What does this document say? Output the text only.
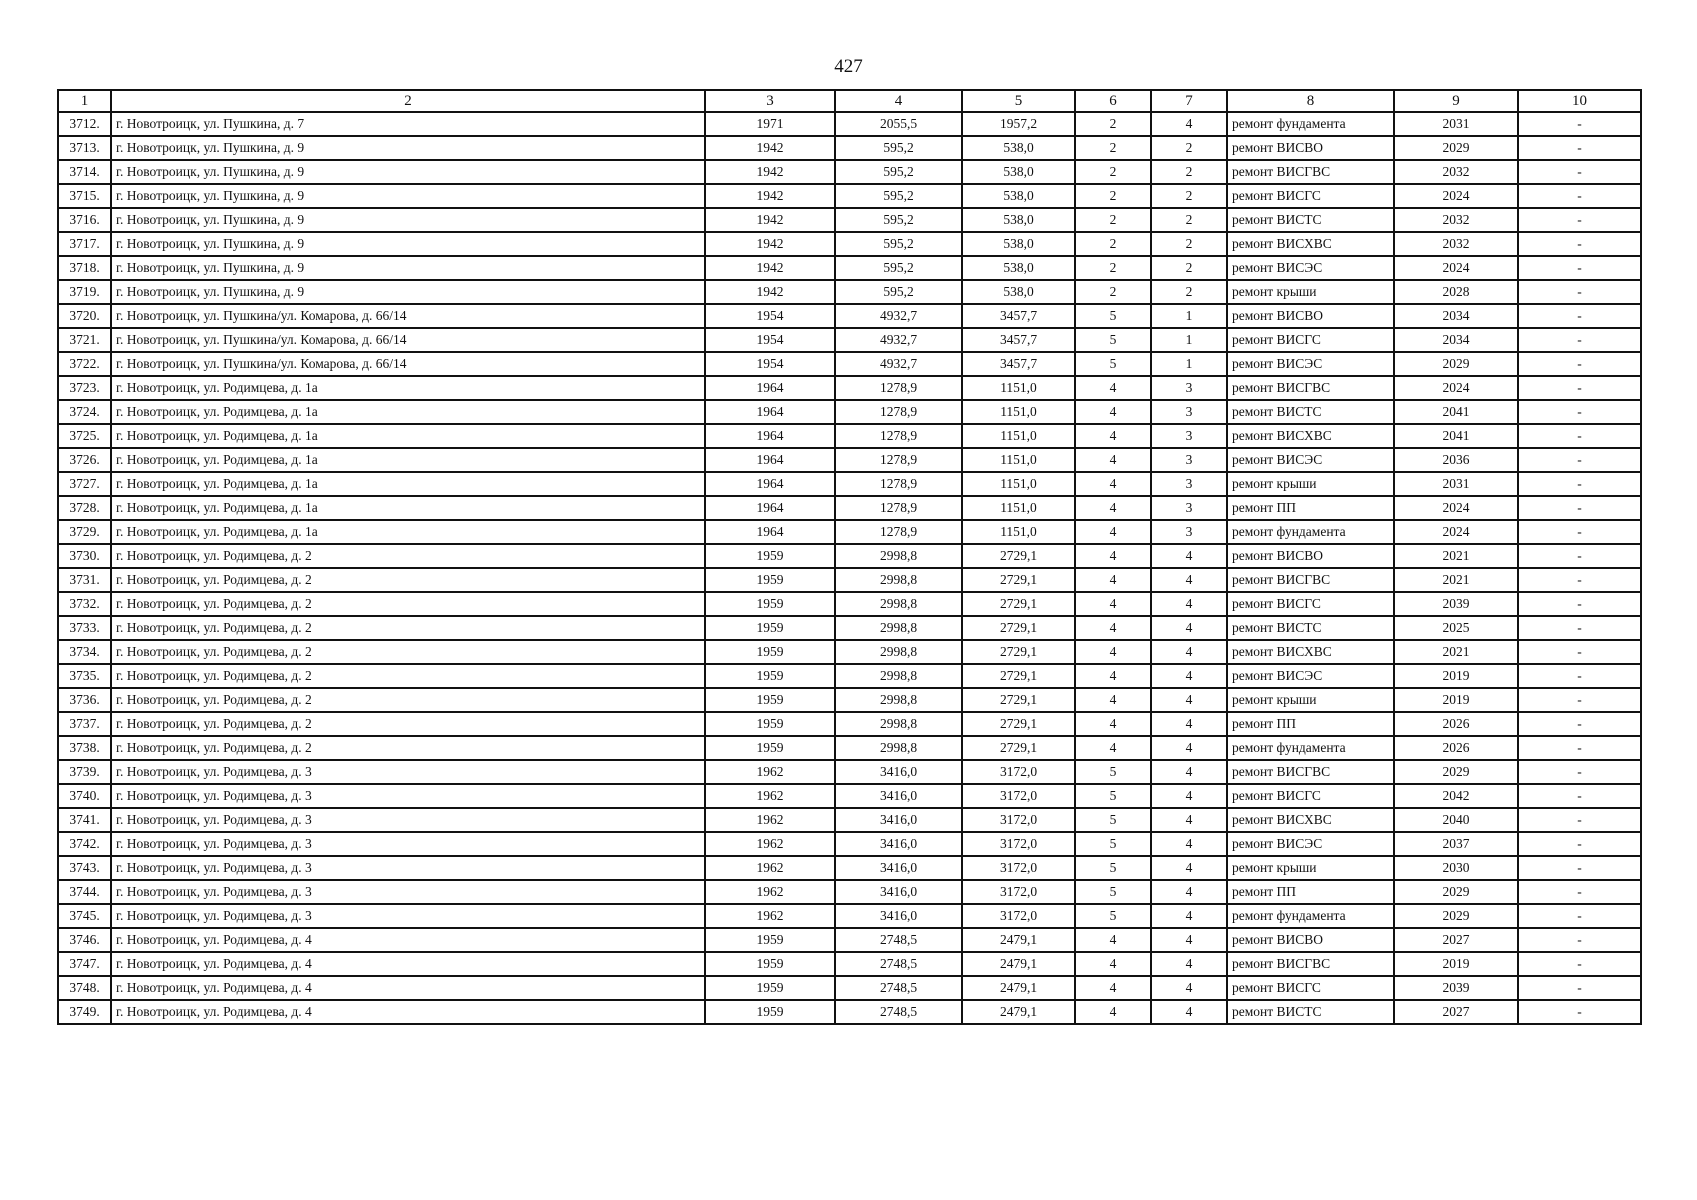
427
1	2	3	4	5	6	7	8	9	10
3712.	г. Новотроицк, ул. Пушкина, д. 7	1971	2055,5	1957,2	2	4	ремонт фундамента	2031	-
3713.	г. Новотроицк, ул. Пушкина, д. 9	1942	595,2	538,0	2	2	ремонт ВИСВО	2029	-
3714.	г. Новотроицк, ул. Пушкина, д. 9	1942	595,2	538,0	2	2	ремонт ВИСГВС	2032	-
3715.	г. Новотроицк, ул. Пушкина, д. 9	1942	595,2	538,0	2	2	ремонт ВИСГС	2024	-
3716.	г. Новотроицк, ул. Пушкина, д. 9	1942	595,2	538,0	2	2	ремонт ВИСТС	2032	-
3717.	г. Новотроицк, ул. Пушкина, д. 9	1942	595,2	538,0	2	2	ремонт ВИСХВС	2032	-
3718.	г. Новотроицк, ул. Пушкина, д. 9	1942	595,2	538,0	2	2	ремонт ВИСЭС	2024	-
3719.	г. Новотроицк, ул. Пушкина, д. 9	1942	595,2	538,0	2	2	ремонт крыши	2028	-
3720.	г. Новотроицк, ул. Пушкина/ул. Комарова, д. 66/14	1954	4932,7	3457,7	5	1	ремонт ВИСВО	2034	-
3721.	г. Новотроицк, ул. Пушкина/ул. Комарова, д. 66/14	1954	4932,7	3457,7	5	1	ремонт ВИСГС	2034	-
3722.	г. Новотроицк, ул. Пушкина/ул. Комарова, д. 66/14	1954	4932,7	3457,7	5	1	ремонт ВИСЭС	2029	-
3723.	г. Новотроицк, ул. Родимцева, д. 1а	1964	1278,9	1151,0	4	3	ремонт ВИСГВС	2024	-
3724.	г. Новотроицк, ул. Родимцева, д. 1а	1964	1278,9	1151,0	4	3	ремонт ВИСТС	2041	-
3725.	г. Новотроицк, ул. Родимцева, д. 1а	1964	1278,9	1151,0	4	3	ремонт ВИСХВС	2041	-
3726.	г. Новотроицк, ул. Родимцева, д. 1а	1964	1278,9	1151,0	4	3	ремонт ВИСЭС	2036	-
3727.	г. Новотроицк, ул. Родимцева, д. 1а	1964	1278,9	1151,0	4	3	ремонт крыши	2031	-
3728.	г. Новотроицк, ул. Родимцева, д. 1а	1964	1278,9	1151,0	4	3	ремонт ПП	2024	-
3729.	г. Новотроицк, ул. Родимцева, д. 1а	1964	1278,9	1151,0	4	3	ремонт фундамента	2024	-
3730.	г. Новотроицк, ул. Родимцева, д. 2	1959	2998,8	2729,1	4	4	ремонт ВИСВО	2021	-
3731.	г. Новотроицк, ул. Родимцева, д. 2	1959	2998,8	2729,1	4	4	ремонт ВИСГВС	2021	-
3732.	г. Новотроицк, ул. Родимцева, д. 2	1959	2998,8	2729,1	4	4	ремонт ВИСГС	2039	-
3733.	г. Новотроицк, ул. Родимцева, д. 2	1959	2998,8	2729,1	4	4	ремонт ВИСТС	2025	-
3734.	г. Новотроицк, ул. Родимцева, д. 2	1959	2998,8	2729,1	4	4	ремонт ВИСХВС	2021	-
3735.	г. Новотроицк, ул. Родимцева, д. 2	1959	2998,8	2729,1	4	4	ремонт ВИСЭС	2019	-
3736.	г. Новотроицк, ул. Родимцева, д. 2	1959	2998,8	2729,1	4	4	ремонт крыши	2019	-
3737.	г. Новотроицк, ул. Родимцева, д. 2	1959	2998,8	2729,1	4	4	ремонт ПП	2026	-
3738.	г. Новотроицк, ул. Родимцева, д. 2	1959	2998,8	2729,1	4	4	ремонт фундамента	2026	-
3739.	г. Новотроицк, ул. Родимцева, д. 3	1962	3416,0	3172,0	5	4	ремонт ВИСГВС	2029	-
3740.	г. Новотроицк, ул. Родимцева, д. 3	1962	3416,0	3172,0	5	4	ремонт ВИСГС	2042	-
3741.	г. Новотроицк, ул. Родимцева, д. 3	1962	3416,0	3172,0	5	4	ремонт ВИСХВС	2040	-
3742.	г. Новотроицк, ул. Родимцева, д. 3	1962	3416,0	3172,0	5	4	ремонт ВИСЭС	2037	-
3743.	г. Новотроицк, ул. Родимцева, д. 3	1962	3416,0	3172,0	5	4	ремонт крыши	2030	-
3744.	г. Новотроицк, ул. Родимцева, д. 3	1962	3416,0	3172,0	5	4	ремонт ПП	2029	-
3745.	г. Новотроицк, ул. Родимцева, д. 3	1962	3416,0	3172,0	5	4	ремонт фундамента	2029	-
3746.	г. Новотроицк, ул. Родимцева, д. 4	1959	2748,5	2479,1	4	4	ремонт ВИСВО	2027	-
3747.	г. Новотроицк, ул. Родимцева, д. 4	1959	2748,5	2479,1	4	4	ремонт ВИСГВС	2019	-
3748.	г. Новотроицк, ул. Родимцева, д. 4	1959	2748,5	2479,1	4	4	ремонт ВИСГС	2039	-
3749.	г. Новотроицк, ул. Родимцева, д. 4	1959	2748,5	2479,1	4	4	ремонт ВИСТС	2027	-
